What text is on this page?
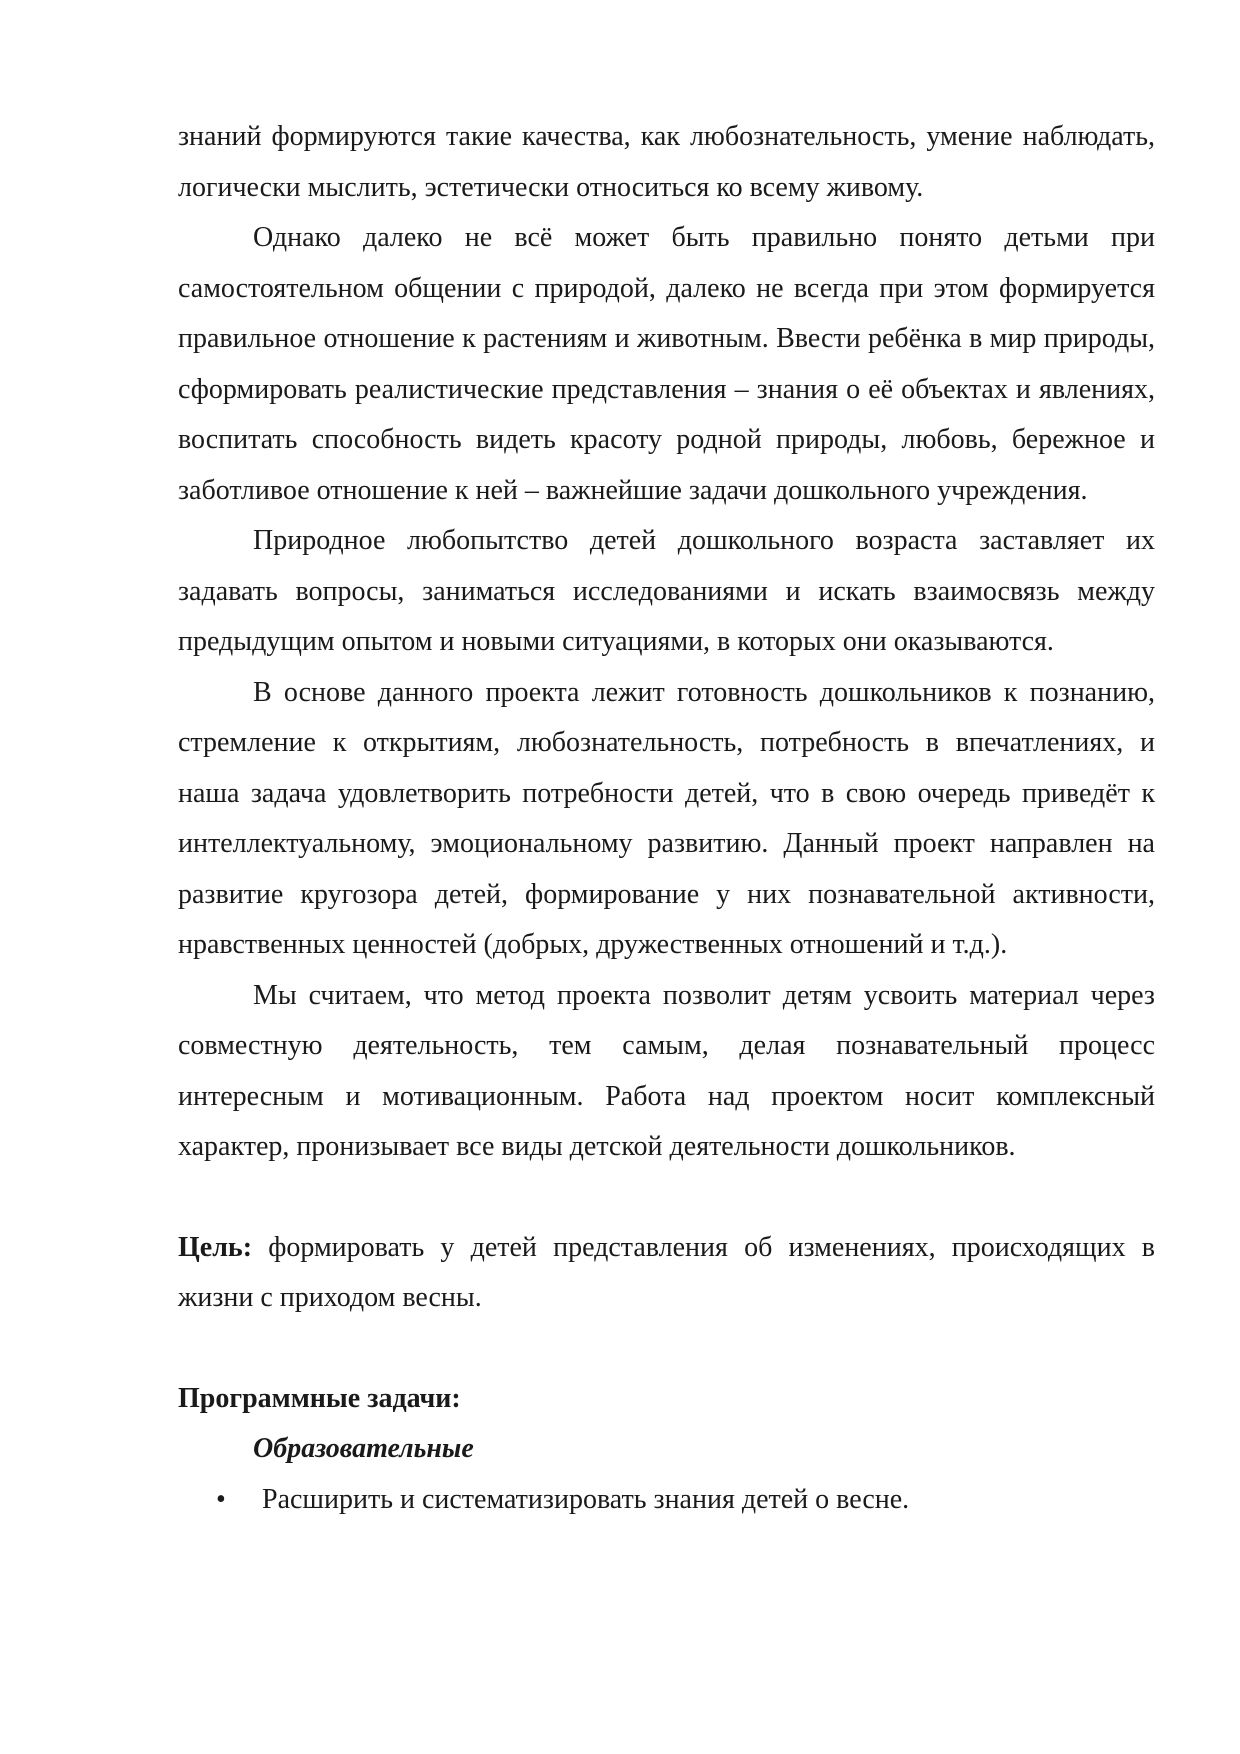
знаний формируются такие качества, как любознательность, умение наблюдать, логически мыслить, эстетически относиться ко всему живому.

Однако далеко не всё может быть правильно понято детьми при самостоятельном общении с природой, далеко не всегда при этом формируется правильное отношение к растениям и животным. Ввести ребёнка в мир природы, сформировать реалистические представления – знания о её объектах и явлениях, воспитать способность видеть красоту родной природы, любовь, бережное и заботливое отношение к ней – важнейшие задачи дошкольного учреждения.

Природное любопытство детей дошкольного возраста заставляет их задавать вопросы, заниматься исследованиями и искать взаимосвязь между предыдущим опытом и новыми ситуациями, в которых они оказываются.

В основе данного проекта лежит готовность дошкольников к познанию, стремление к открытиям, любознательность, потребность в впечатлениях, и наша задача удовлетворить потребности детей, что в свою очередь приведёт к интеллектуальному, эмоциональному развитию. Данный проект направлен на развитие кругозора детей, формирование у них познавательной активности, нравственных ценностей (добрых, дружественных отношений и т.д.).

Мы считаем, что метод проекта позволит детям усвоить материал через совместную деятельность, тем самым, делая познавательный процесс интересным и мотивационным. Работа над проектом носит комплексный характер, пронизывает все виды детской деятельности дошкольников.

Цель: формировать у детей представления об изменениях, происходящих в жизни с приходом весны.

Программные задачи:

Образовательные

• Расширить и систематизировать знания детей о весне.
